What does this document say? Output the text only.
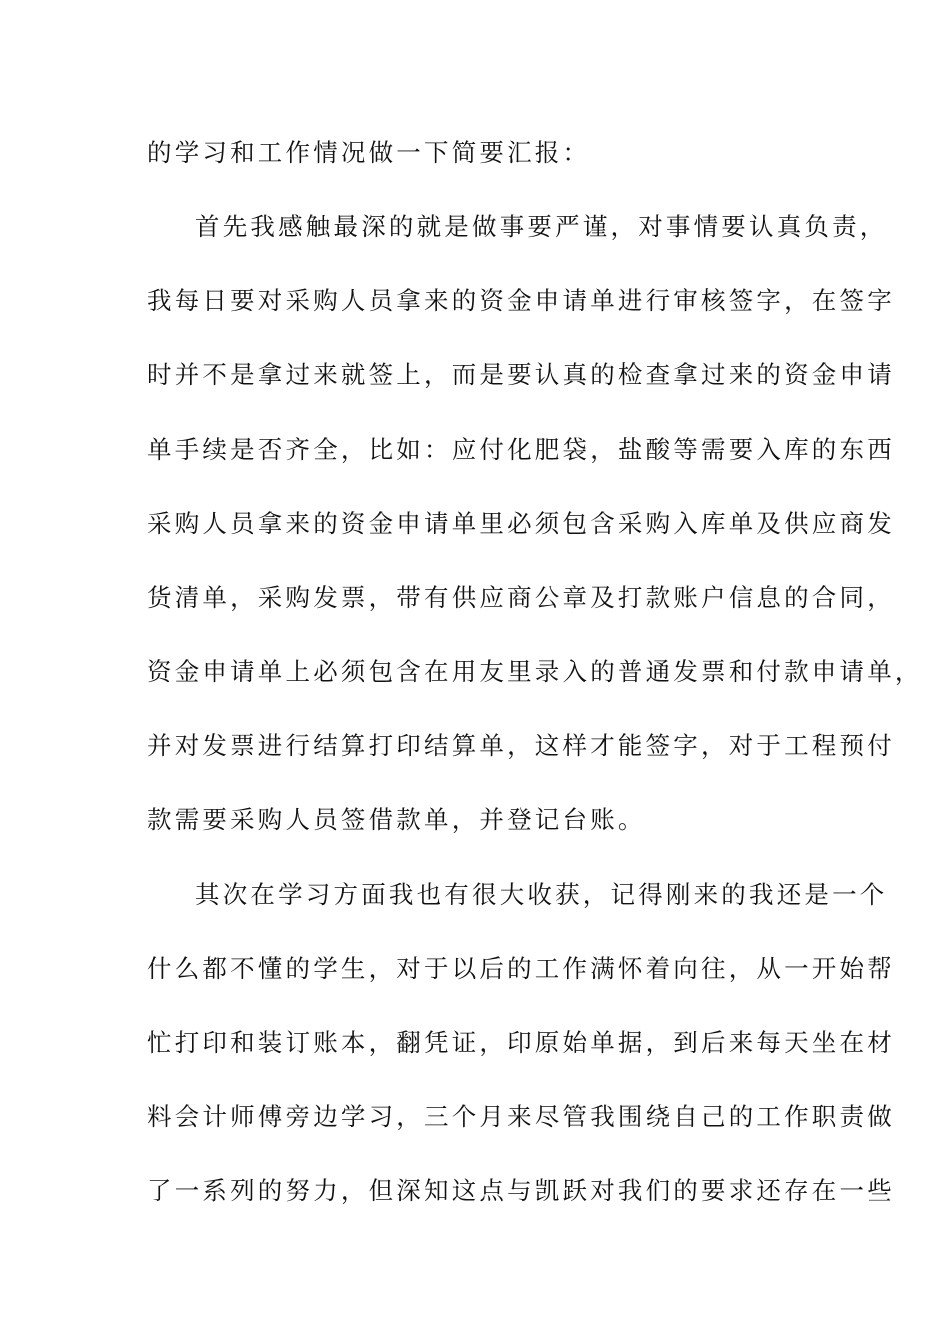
的学习和工作情况做一下简要汇报：
首先我感触最深的就是做事要严谨，对事情要认真负责，
我每日要对采购人员拿来的资金申请单进行审核签字，在签字
时并不是拿过来就签上，而是要认真的检查拿过来的资金申请
单手续是否齐全，比如：应付化肥袋，盐酸等需要入库的东西
采购人员拿来的资金申请单里必须包含采购入库单及供应商发
货清单，采购发票，带有供应商公章及打款账户信息的合同，
资金申请单上必须包含在用友里录入的普通发票和付款申请单，
并对发票进行结算打印结算单，这样才能签字，对于工程预付
款需要采购人员签借款单，并登记台账。
其次在学习方面我也有很大收获，记得刚来的我还是一个
什么都不懂的学生，对于以后的工作满怀着向往，从一开始帮
忙打印和装订账本，翻凭证，印原始单据，到后来每天坐在材
料会计师傅旁边学习，三个月来尽管我围绕自己的工作职责做
了一系列的努力，但深知这点与凯跃对我们的要求还存在一些
